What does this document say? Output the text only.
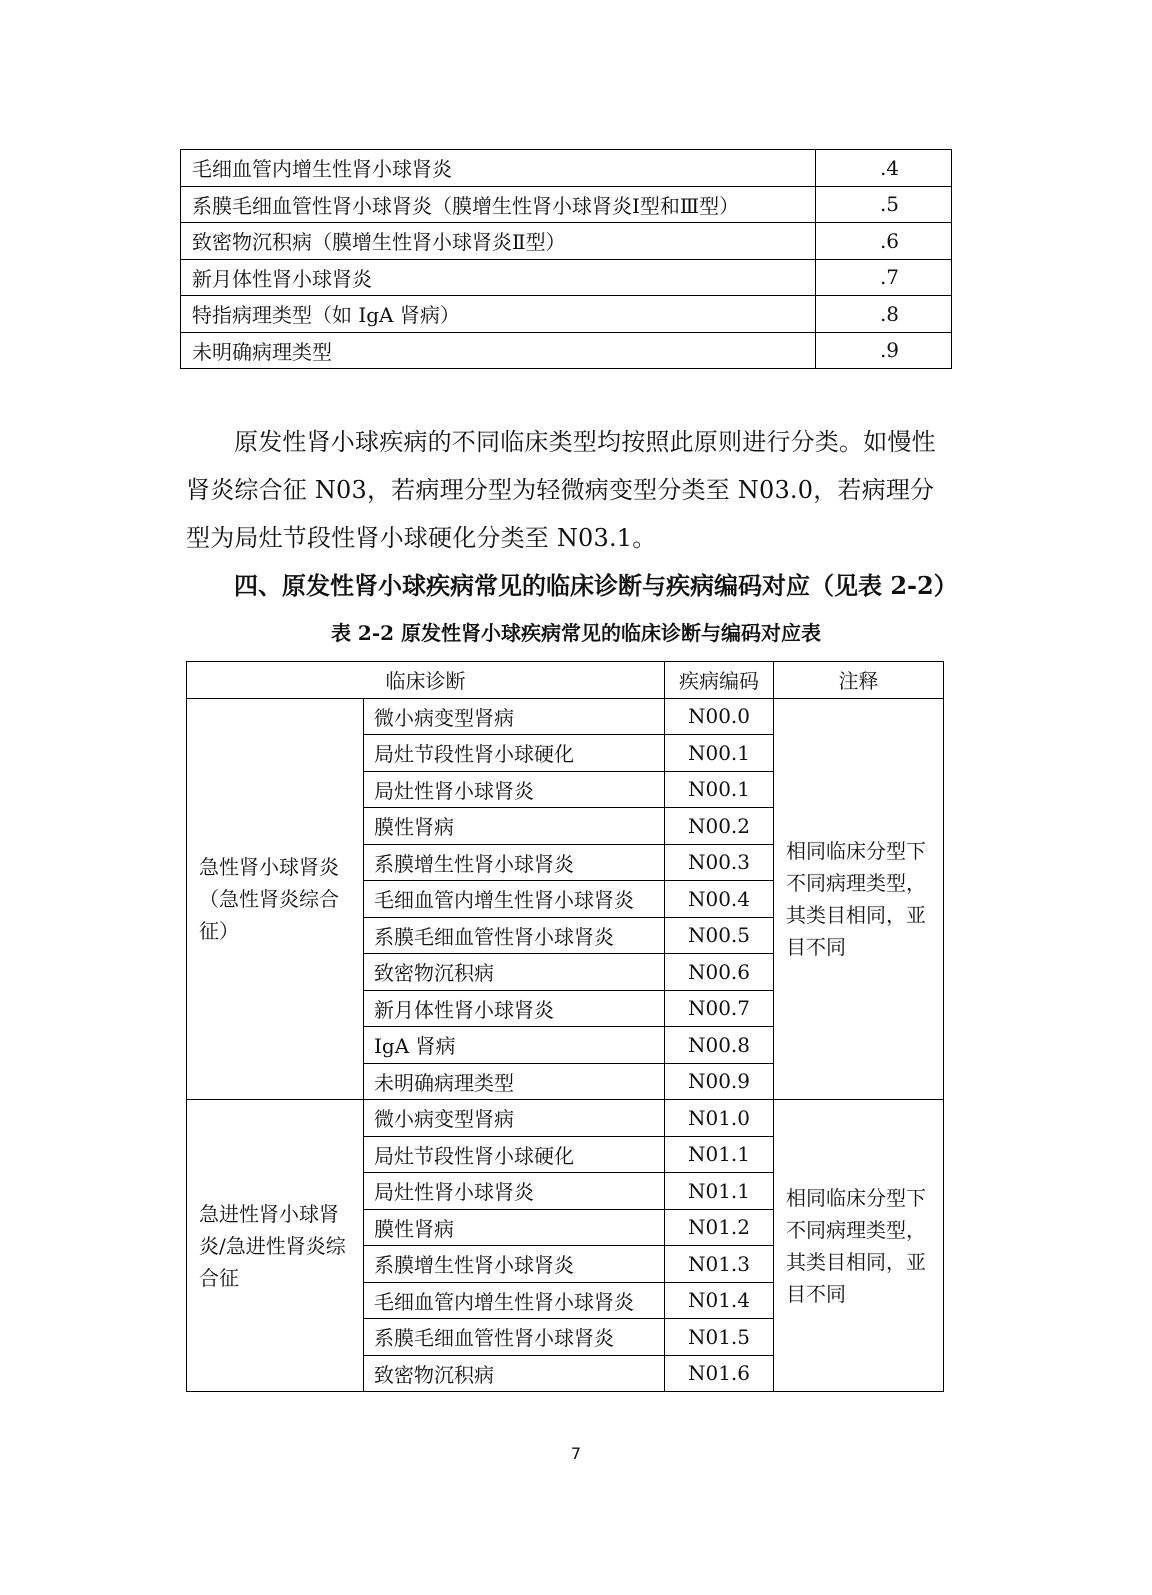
毛细血管内增生性肾小球肾炎	.4
系膜毛细血管性肾小球肾炎（膜增生性肾小球肾炎Ⅰ型和Ⅲ型）	.5
致密物沉积病（膜增生性肾小球肾炎Ⅱ型）	.6
新月体性肾小球肾炎	.7
特指病理类型（如 IgA 肾病）	.8
未明确病理类型	.9

原发性肾小球疾病的不同临床类型均按照此原则进行分类。如慢性肾炎综合征 N03，若病理分型为轻微病变型分类至 N03.0，若病理分型为局灶节段性肾小球硬化分类至 N03.1。

四、原发性肾小球疾病常见的临床诊断与疾病编码对应（见表 2-2）
表 2-2 原发性肾小球疾病常见的临床诊断与编码对应表
临床诊断		疾病编码	注释
急性肾小球肾炎（急性肾炎综合征）	微小病变型肾病	N00.0	相同临床分型下不同病理类型，其类目相同，亚目不同
	局灶节段性肾小球硬化	N00.1	
	局灶性肾小球肾炎	N00.1	
	膜性肾病	N00.2	
	系膜增生性肾小球肾炎	N00.3	
	毛细血管内增生性肾小球肾炎	N00.4	
	系膜毛细血管性肾小球肾炎	N00.5	
	致密物沉积病	N00.6	
	新月体性肾小球肾炎	N00.7	
	IgA 肾病	N00.8	
	未明确病理类型	N00.9	
急进性肾小球肾炎/急进性肾炎综合征	微小病变型肾病	N01.0	相同临床分型下不同病理类型，其类目相同，亚目不同
	局灶节段性肾小球硬化	N01.1	
	局灶性肾小球肾炎	N01.1	
	膜性肾病	N01.2	
	系膜增生性肾小球肾炎	N01.3	
	毛细血管内增生性肾小球肾炎	N01.4	
	系膜毛细血管性肾小球肾炎	N01.5	
	致密物沉积病	N01.6	
7
